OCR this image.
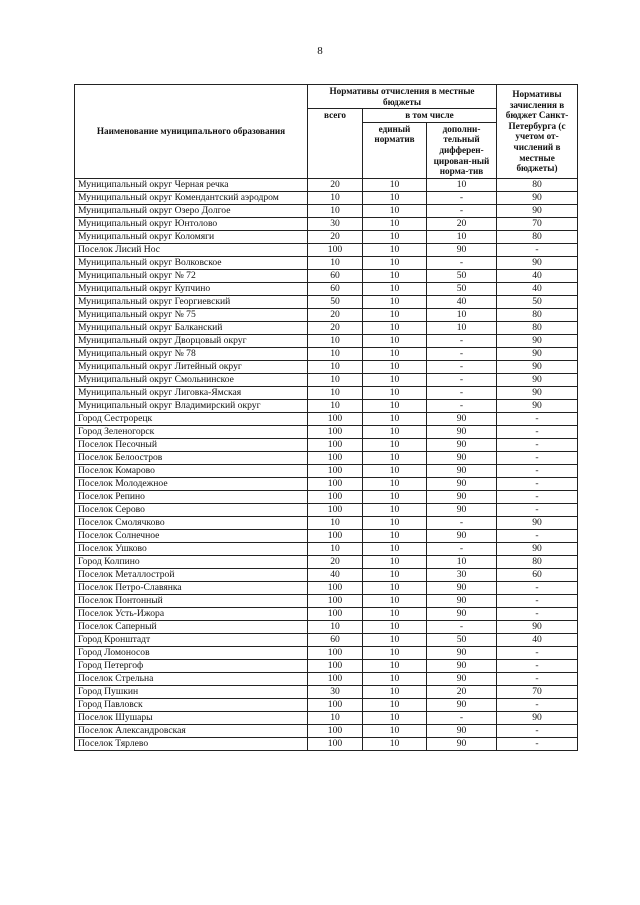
8
Наименование муниципального образования	Нормативы отчисления в местные бюджеты			Нормативы зачисления в бюджет Санкт-Петербурга (с учетом от-числений в местные бюджеты)
	всего	в том числе		
		единый норматив	дополни-тельный дифферен-цирован-ный норма-тив	
Муниципальный округ Черная речка	20	10	10	80
Муниципальный округ Комендантский аэродром	10	10	-	90
Муниципальный округ Озеро Долгое	10	10	-	90
Муниципальный округ Юнтолово	30	10	20	70
Муниципальный округ Коломяги	20	10	10	80
Поселок Лисий Нос	100	10	90	-
Муниципальный округ Волковское	10	10	-	90
Муниципальный округ № 72	60	10	50	40
Муниципальный округ Купчино	60	10	50	40
Муниципальный округ Георгиевский	50	10	40	50
Муниципальный округ № 75	20	10	10	80
Муниципальный округ Балканский	20	10	10	80
Муниципальный округ Дворцовый округ	10	10	-	90
Муниципальный округ № 78	10	10	-	90
Муниципальный округ Литейный округ	10	10	-	90
Муниципальный округ Смольнинское	10	10	-	90
Муниципальный округ Лиговка-Ямская	10	10	-	90
Муниципальный округ Владимирский округ	10	10	-	90
Город Сестрорецк	100	10	90	-
Город Зеленогорск	100	10	90	-
Поселок Песочный	100	10	90	-
Поселок Белоостров	100	10	90	-
Поселок Комарово	100	10	90	-
Поселок Молодежное	100	10	90	-
Поселок Репино	100	10	90	-
Поселок Серово	100	10	90	-
Поселок Смолячково	10	10	-	90
Поселок Солнечное	100	10	90	-
Поселок Ушково	10	10	-	90
Город Колпино	20	10	10	80
Поселок Металлострой	40	10	30	60
Поселок Петро-Славянка	100	10	90	-
Поселок Понтонный	100	10	90	-
Поселок Усть-Ижора	100	10	90	-
Поселок Саперный	10	10	-	90
Город Кронштадт	60	10	50	40
Город Ломоносов	100	10	90	-
Город Петергоф	100	10	90	-
Поселок Стрельна	100	10	90	-
Город Пушкин	30	10	20	70
Город Павловск	100	10	90	-
Поселок Шушары	10	10	-	90
Поселок Александровская	100	10	90	-
Поселок Тярлево	100	10	90	-
